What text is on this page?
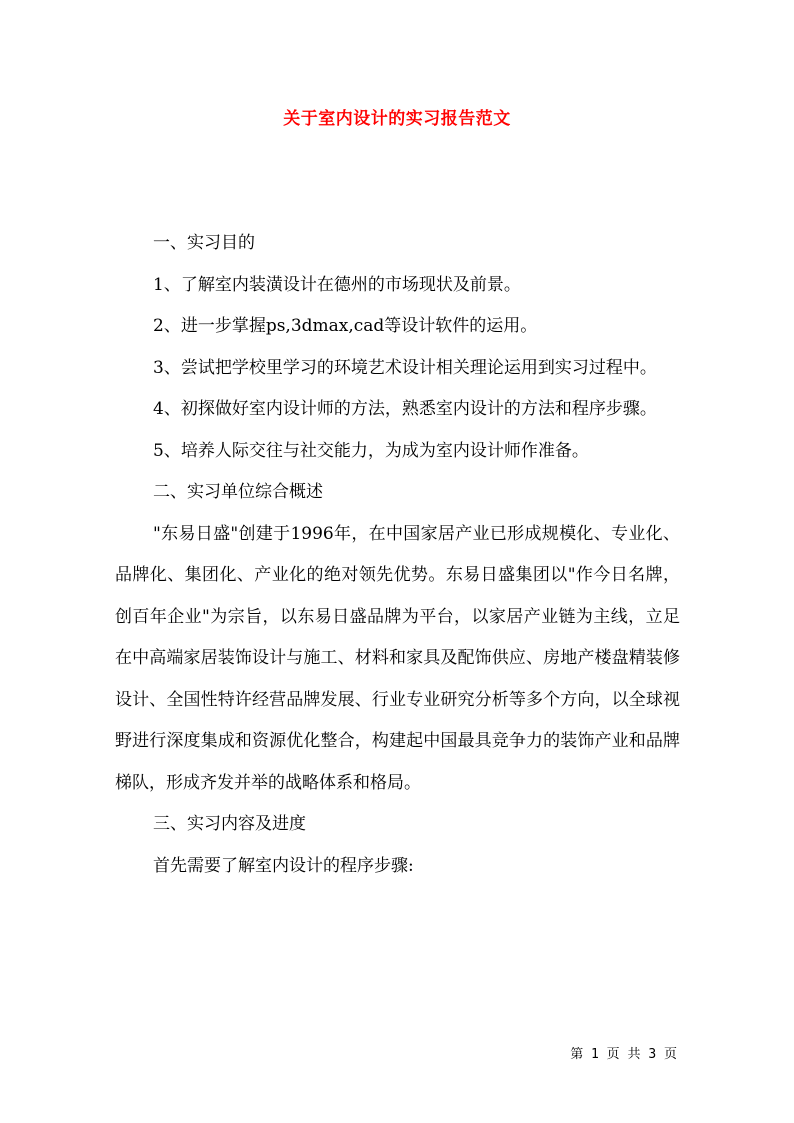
关于室内设计的实习报告范文

一、实习目的

1、了解室内装潢设计在德州的市场现状及前景。

2、进一步掌握ps,3dmax,cad等设计软件的运用。

3、尝试把学校里学习的环境艺术设计相关理论运用到实习过程中。

4、初探做好室内设计师的方法，熟悉室内设计的方法和程序步骤。

5、培养人际交往与社交能力，为成为室内设计师作准备。

二、实习单位综合概述

"东易日盛"创建于1996年，在中国家居产业已形成规模化、专业化、品牌化、集团化、产业化的绝对领先优势。东易日盛集团以"作今日名牌，创百年企业"为宗旨，以东易日盛品牌为平台，以家居产业链为主线，立足在中高端家居装饰设计与施工、材料和家具及配饰供应、房地产楼盘精装修设计、全国性特许经营品牌发展、行业专业研究分析等多个方向，以全球视野进行深度集成和资源优化整合，构建起中国最具竞争力的装饰产业和品牌梯队，形成齐发并举的战略体系和格局。

三、实习内容及进度

首先需要了解室内设计的程序步骤:

第 1 页 共 3 页
